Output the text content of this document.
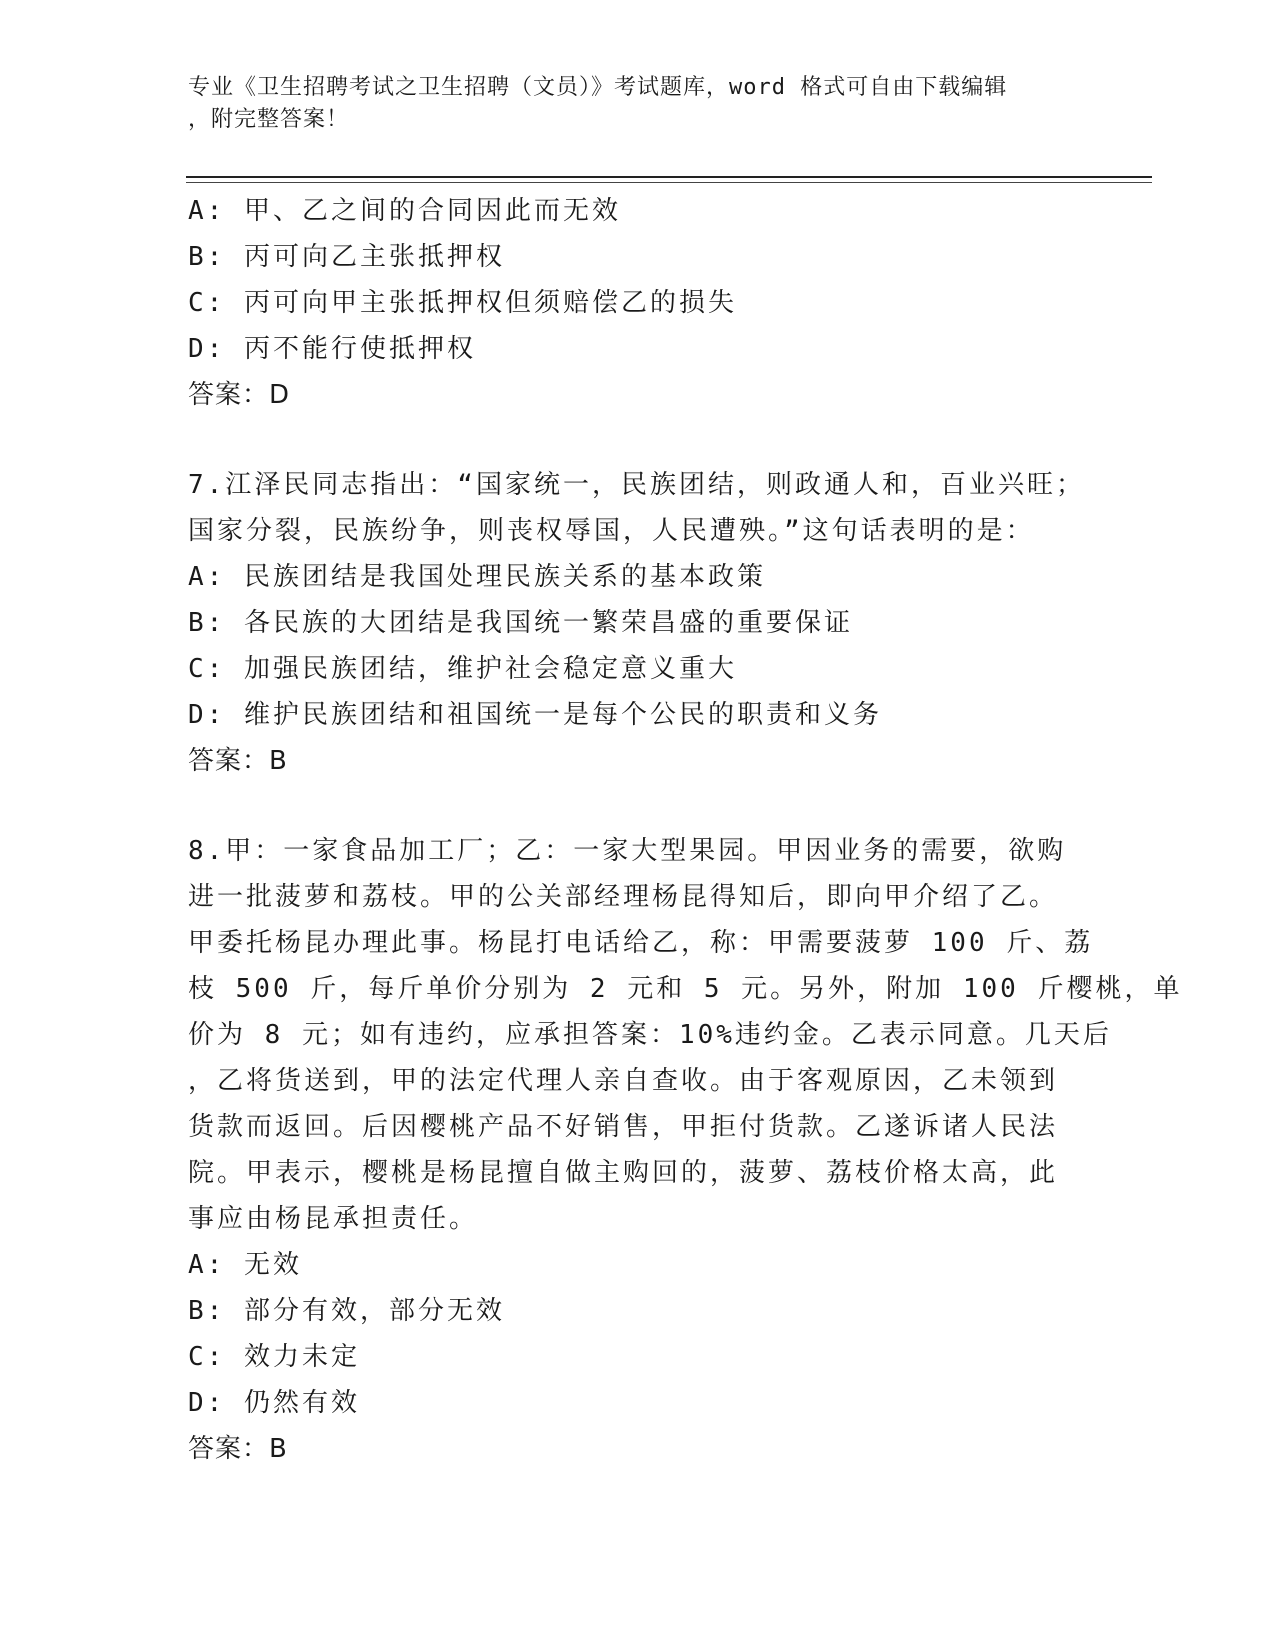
专业《卫生招聘考试之卫生招聘（文员）》考试题库，word 格式可自由下载编辑
，附完整答案！
A: 甲、乙之间的合同因此而无效
B: 丙可向乙主张抵押权
C: 丙可向甲主张抵押权但须赔偿乙的损失
D: 丙不能行使抵押权
答案：D
7.江泽民同志指出：“国家统一，民族团结，则政通人和，百业兴旺；
国家分裂，民族纷争，则丧权辱国，人民遭殃。”这句话表明的是：
A: 民族团结是我国处理民族关系的基本政策
B: 各民族的大团结是我国统一繁荣昌盛的重要保证
C: 加强民族团结，维护社会稳定意义重大
D: 维护民族团结和祖国统一是每个公民的职责和义务
答案：B
8.甲：一家食品加工厂；乙：一家大型果园。甲因业务的需要，欲购
进一批菠萝和荔枝。甲的公关部经理杨昆得知后，即向甲介绍了乙。
甲委托杨昆办理此事。杨昆打电话给乙，称：甲需要菠萝 100 斤、荔
枝 500 斤，每斤单价分别为 2 元和 5 元。另外，附加 100 斤樱桃，单
价为 8 元；如有违约，应承担答案：10%违约金。乙表示同意。几天后
，乙将货送到，甲的法定代理人亲自查收。由于客观原因，乙未领到
货款而返回。后因樱桃产品不好销售，甲拒付货款。乙遂诉诸人民法
院。甲表示，樱桃是杨昆擅自做主购回的，菠萝、荔枝价格太高，此
事应由杨昆承担责任。
A: 无效
B: 部分有效，部分无效
C: 效力未定
D: 仍然有效
答案：B
